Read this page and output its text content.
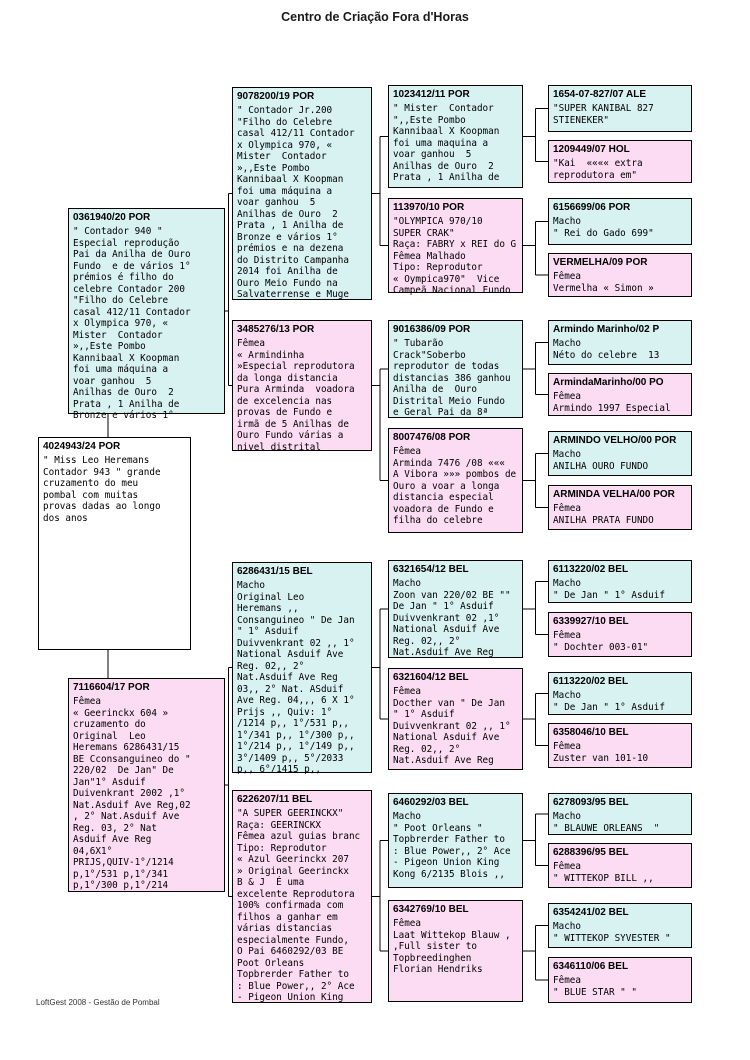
Centro de Criação Fora d'Horas
4024943/24 POR
" Miss Leo Heremans
Contador 943 " grande
cruzamento do meu
pombal com muitas
provas dadas ao longo
dos anos
0361940/20 POR
" Contador 940 "
Especial reprodução
Pai da Anilha de Ouro
Fundo  e de vários 1°
prémios é filho do
celebre Contador 200
"Filho do Celebre
casal 412/11 Contador
x Olympica 970, «
Mister  Contador
»,,Este Pombo
Kannibaal X Koopman
foi uma máquina a
voar ganhou  5
Anilhas de Ouro  2
Prata , 1 Anilha de
Bronze e vários 1°
7116604/17 POR
Fêmea
« Geerinckx 604 »
cruzamento do
Original  Leo
Heremans 6286431/15
BE Cconsanguineo do "
220/02  De Jan" De
Jan"1° Asduif
Duivenkrant 2002 ,1°
Nat.Asduif Ave Reg,02
, 2° Nat.Asduif Ave
Reg. 03, 2° Nat
Asduif Ave Reg
04,6X1°
PRIJS,QUIV-1°/1214
p,1°/531 p,1°/341
p,1°/300 p,1°/214
9078200/19 POR
" Contador Jr.200
"Filho do Celebre
casal 412/11 Contador
x Olympica 970, «
Mister  Contador
»,,Este Pombo
Kannibaal X Koopman
foi uma máquina a
voar ganhou  5
Anilhas de Ouro  2
Prata , 1 Anilha de
Bronze e vários 1°
prémios e na dezena
do Distrito Campanha
2014 foi Anilha de
Ouro Meio Fundo na
Salvaterrense e Muge
3485276/13 POR
Fêmea
« Armindinha
»Especial reprodutora
da longa distancia
Pura Arminda  voadora
de excelencia nas
provas de Fundo e
irmã de 5 Anilhas de
Ouro Fundo várias a
nivel distrital
6286431/15 BEL
Macho
Original Leo
Heremans ,,
Consanguineo " De Jan
" 1° Asduif
Duivvenkrant 02 ,, 1°
National Asduif Ave
Reg. 02,, 2°
Nat.Asduif Ave Reg
03,, 2° Nat. ASduif
Ave Reg. 04,,, 6 X 1°
Prijs ,, Quiv: 1°
/1214 p,, 1°/531 p,,
1°/341 p,, 1°/300 p,,
1°/214 p,, 1°/149 p,,
3°/1409 p,, 5°/2033
p,, 6°/1415 p,,
6226207/11 BEL
"A SUPER GEERINCKX"
Raça: GEERINCKX
Fêmea azul guias branc
Tipo: Reprodutor
« Azul Geerinckx 207
» Original Geerinckx
B & J  É uma
excelente Reprodutora
100% confirmada com
filhos a ganhar em
várias distancias
especialmente Fundo,
O Pai 6460292/03 BE
Poot Orleans
Topbrerder Father to
: Blue Power,, 2° Ace
- Pigeon Union King
1023412/11 POR
" Mister  Contador
",,Este Pombo
Kannibaal X Koopman
foi uma maquina a
voar ganhou  5
Anilhas de Ouro  2
Prata , 1 Anilha de
113970/10 POR
"OLYMPICA 970/10
SUPER CRAK"
Raça: FABRY x REI do G
Fêmea Malhado
Tipo: Reprodutor
« Oympica970"  Vice
Campeã Nacional Fundo
9016386/09 POR
" Tubarão
Crack"Soberbo
reprodutor de todas
distancias 386 ganhou
Anilha de  Ouro
Distrital Meio Fundo
e Geral Pai da 8ª
8007476/08 POR
Fêmea
Arminda 7476 /08 «««
A Vibora »»» pombos de
Ouro a voar a longa
distancia especial
voadora de Fundo e
filha do celebre
6321654/12 BEL
Macho
Zoon van 220/02 BE ""
De Jan " 1° Asduif
Duivvenkrant 02 ,1°
National Asduif Ave
Reg. 02,, 2°
Nat.Asduif Ave Reg
6321604/12 BEL
Fêmea
Docther van " De Jan
" 1° Asduif
Duivvenkrant 02 ,, 1°
National Asduif Ave
Reg. 02,, 2°
Nat.Asduif Ave Reg
6460292/03 BEL
Macho
" Poot Orleans "
Topbrerder Father to
: Blue Power,, 2° Ace
- Pigeon Union King
Kong 6/2135 Blois ,,
6342769/10 BEL
Fêmea
Laat Wittekop Blauw ,
,Full sister to
Topbreedinghen
Florian Hendriks
1654-07-827/07 ALE
"SUPER KANIBAL 827
STIENEKER"
1209449/07 HOL
"Kai  «««« extra
reprodutora em"
6156699/06 POR
Macho
" Rei do Gado 699"
VERMELHA/09 POR
Fêmea
Vermelha « Simon »
Armindo Marinho/02 P
Macho
Néto do celebre  13
ArmindaMarinho/00 PO
Fêmea
Armindo 1997 Especial
ARMINDO VELHO/00 POR
Macho
ANILHA OURO FUNDO
ARMINDA VELHA/00 POR
Fêmea
ANILHA PRATA FUNDO
6113220/02 BEL
Macho
" De Jan " 1° Asduif
6339927/10 BEL
Fêmea
" Dochter 003-01"
6113220/02 BEL
Macho
" De Jan " 1° Asduif
6358046/10 BEL
Fêmea
Zuster van 101-10
6278093/95 BEL
Macho
" BLAUWE ORLEANS  "
6288396/95 BEL
Fêmea
" WITTEKOP BILL ,,
6354241/02 BEL
Macho
" WITTEKOP SYVESTER "
6346110/06 BEL
Fêmea
" BLUE STAR " "
LoftGest 2008 - Gestão de Pombal
